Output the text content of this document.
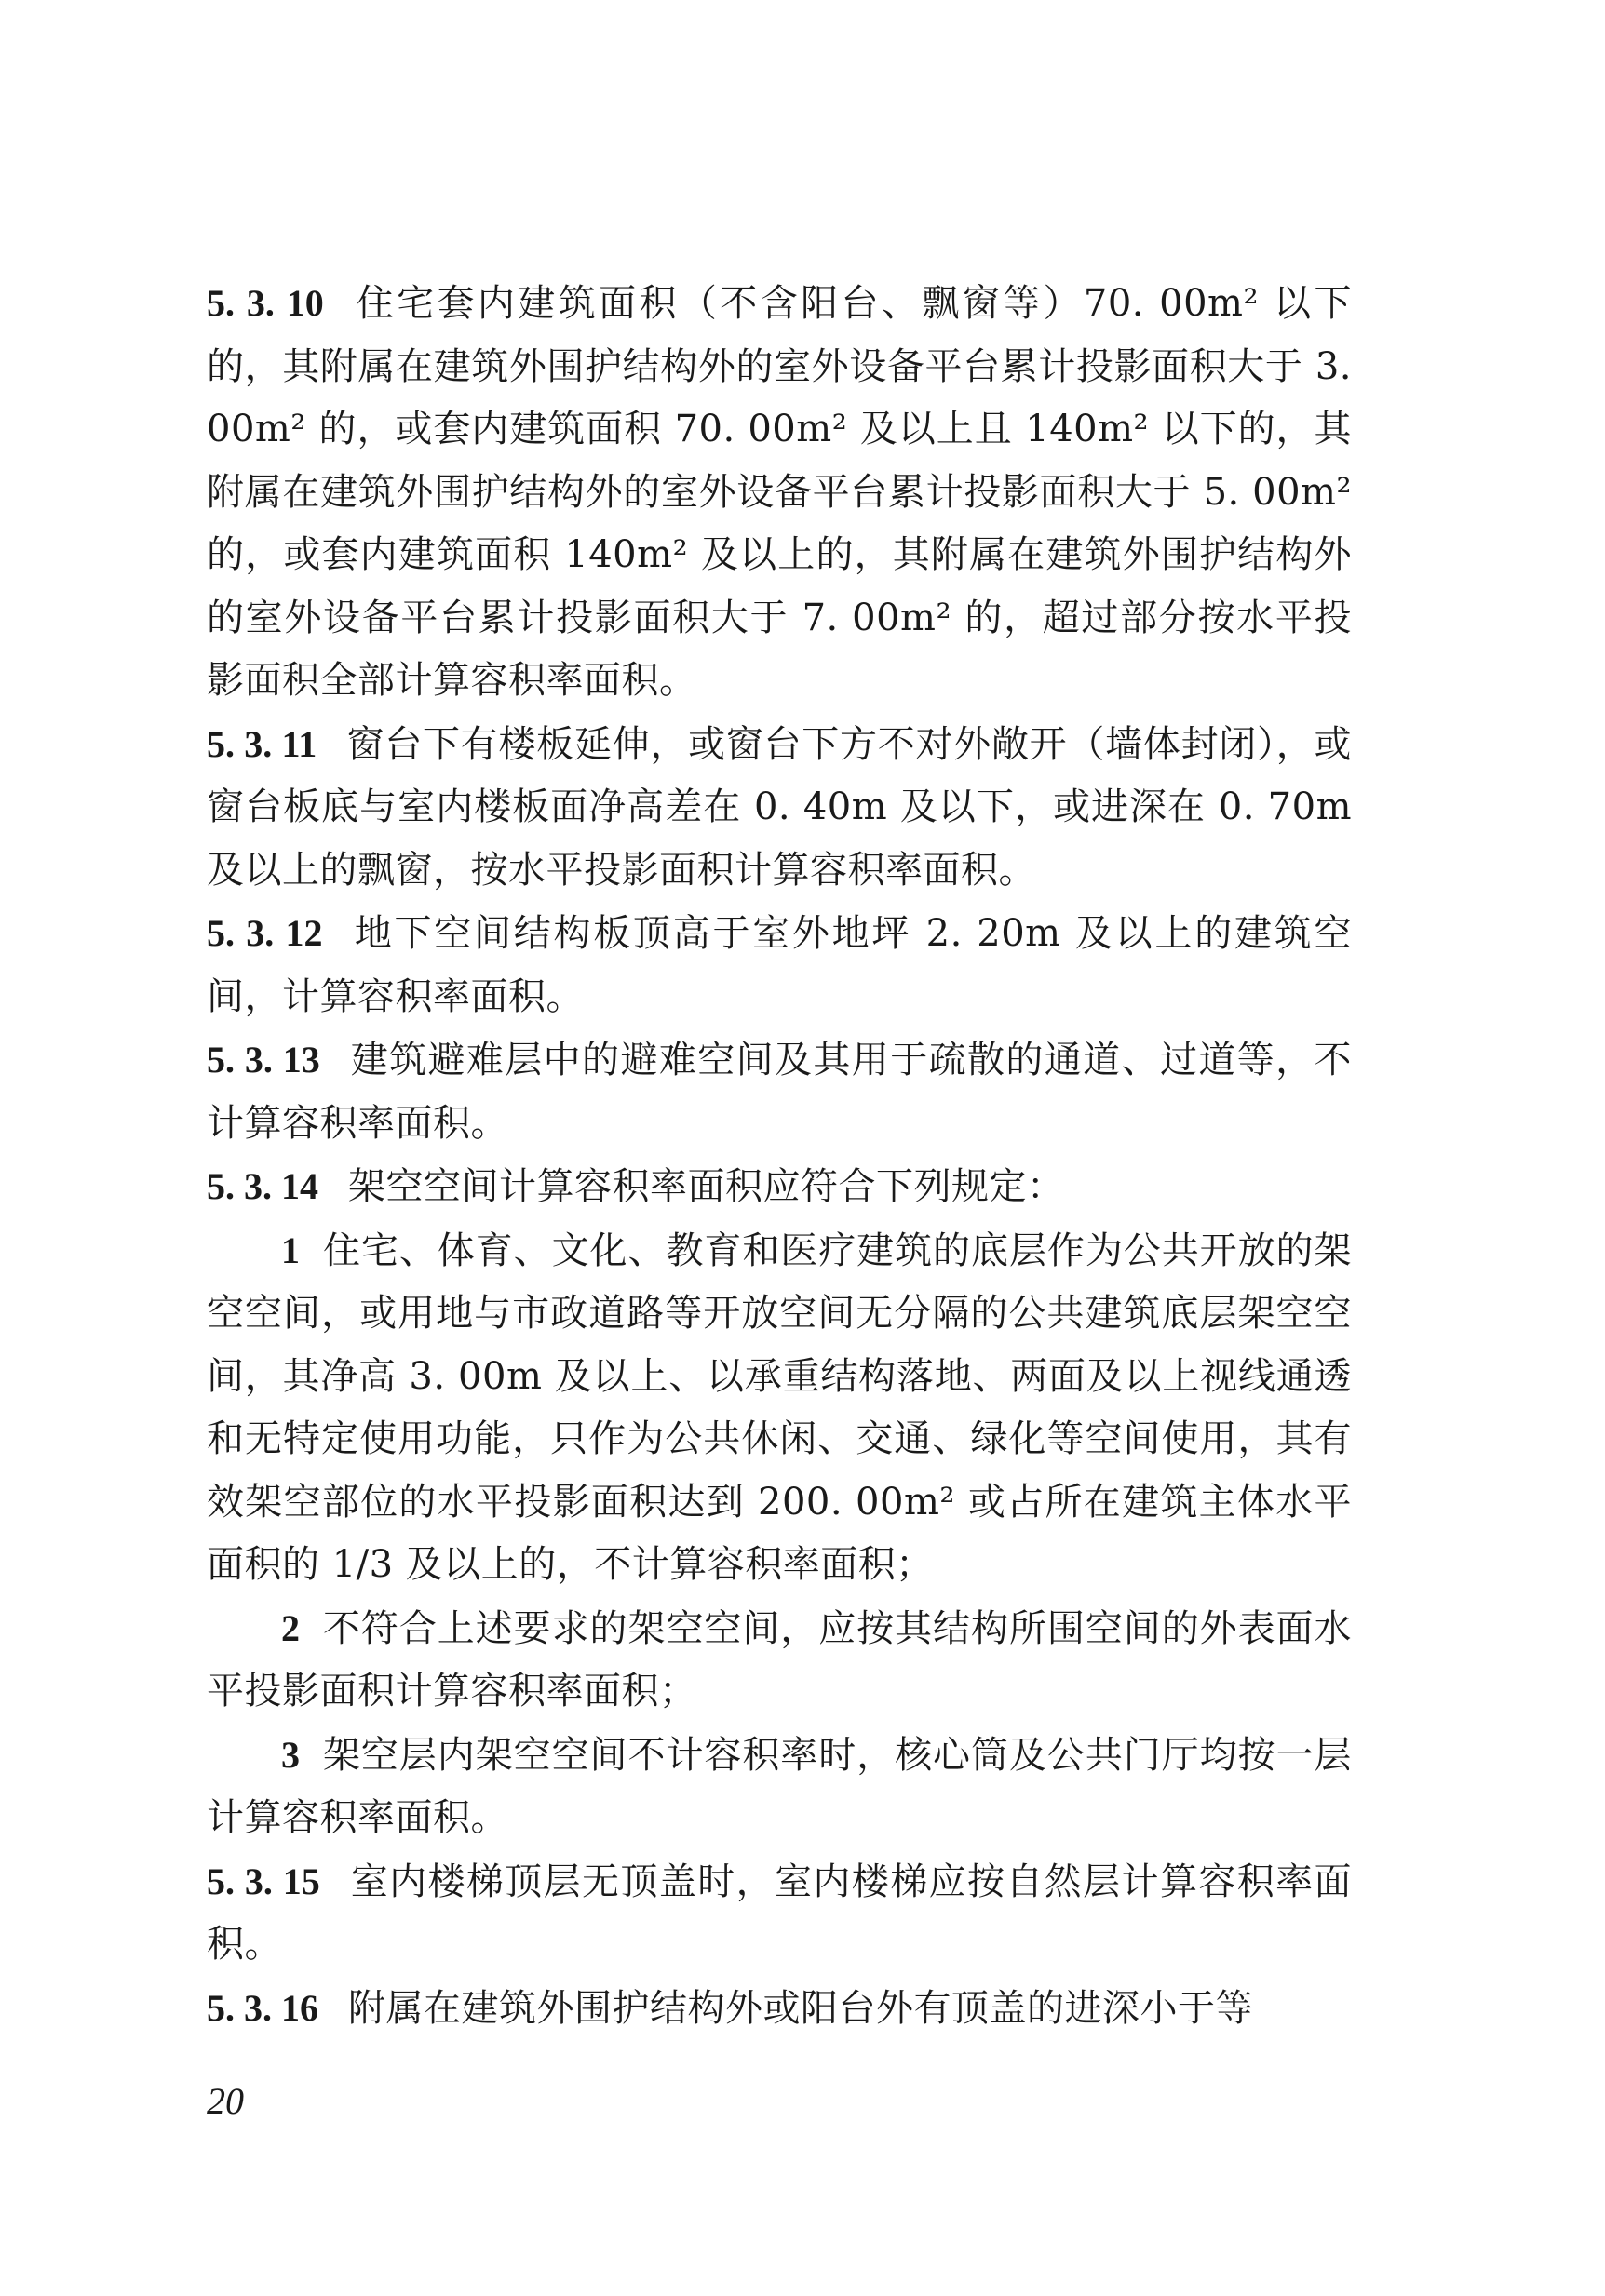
5. 3. 10 住宅套内建筑面积（不含阳台、飘窗等）70. 00m² 以下的，其附属在建筑外围护结构外的室外设备平台累计投影面积大于 3. 00m² 的，或套内建筑面积 70. 00m² 及以上且 140m² 以下的，其附属在建筑外围护结构外的室外设备平台累计投影面积大于 5. 00m² 的，或套内建筑面积 140m² 及以上的，其附属在建筑外围护结构外的室外设备平台累计投影面积大于 7. 00m² 的，超过部分按水平投影面积全部计算容积率面积。

5. 3. 11 窗台下有楼板延伸，或窗台下方不对外敞开（墙体封闭），或窗台板底与室内楼板面净高差在 0. 40m 及以下，或进深在 0. 70m 及以上的飘窗，按水平投影面积计算容积率面积。

5. 3. 12 地下空间结构板顶高于室外地坪 2. 20m 及以上的建筑空间，计算容积率面积。

5. 3. 13 建筑避难层中的避难空间及其用于疏散的通道、过道等，不计算容积率面积。

5. 3. 14 架空空间计算容积率面积应符合下列规定：

1 住宅、体育、文化、教育和医疗建筑的底层作为公共开放的架空空间，或用地与市政道路等开放空间无分隔的公共建筑底层架空空间，其净高 3. 00m 及以上、以承重结构落地、两面及以上视线通透和无特定使用功能，只作为公共休闲、交通、绿化等空间使用，其有效架空部位的水平投影面积达到 200. 00m² 或占所在建筑主体水平面积的 1/3 及以上的，不计算容积率面积；

2 不符合上述要求的架空空间，应按其结构所围空间的外表面水平投影面积计算容积率面积；

3 架空层内架空空间不计容积率时，核心筒及公共门厅均按一层计算容积率面积。

5. 3. 15 室内楼梯顶层无顶盖时，室内楼梯应按自然层计算容积率面积。

5. 3. 16 附属在建筑外围护结构外或阳台外有顶盖的进深小于等

20
